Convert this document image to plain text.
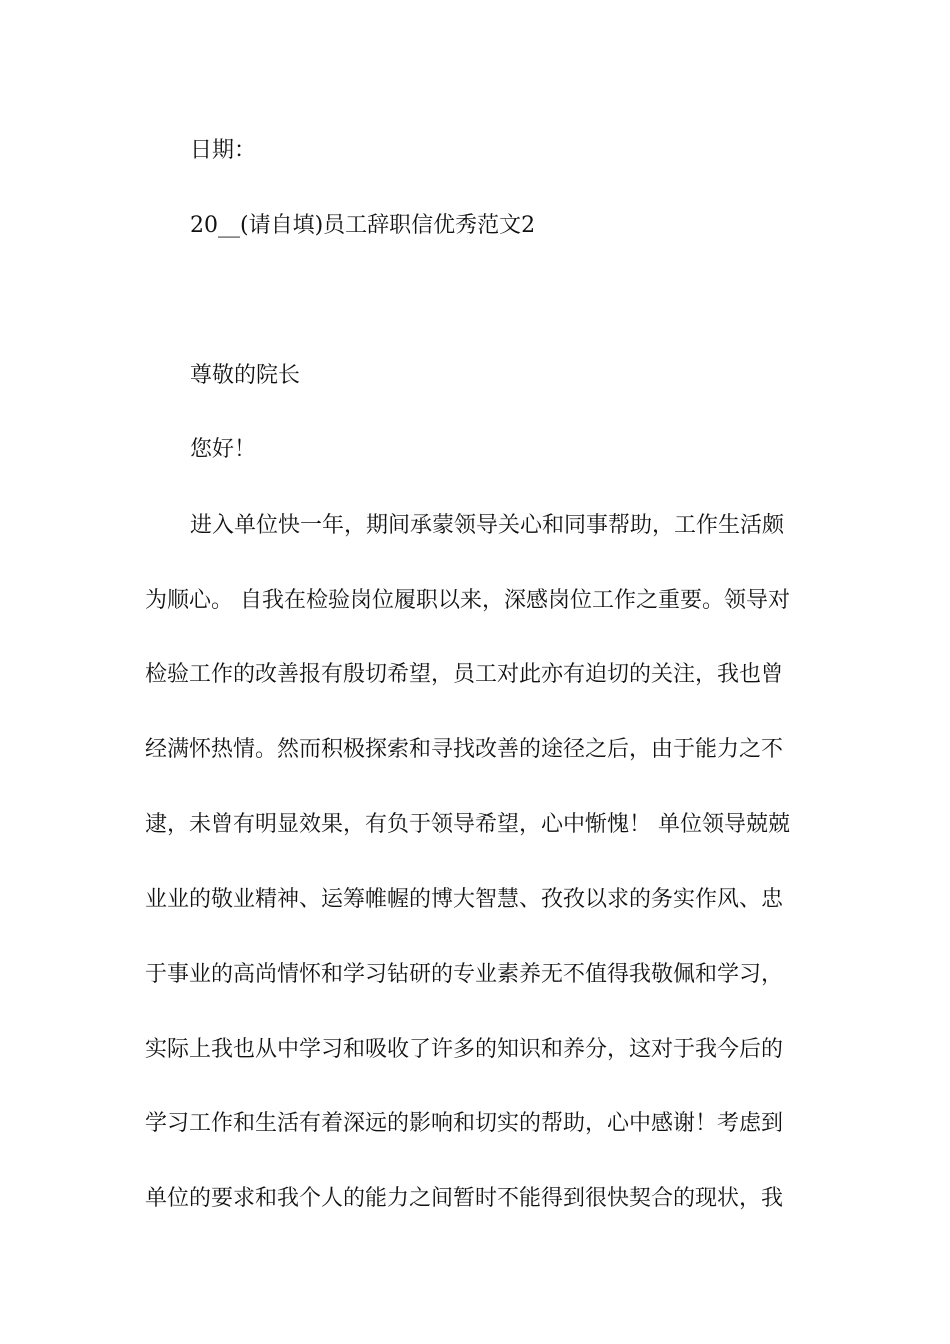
日期：
20__(请自填)员工辞职信优秀范文2
尊敬的院长
您好！
进入单位快一年，期间承蒙领导关心和同事帮助，工作生活颇
为顺心。 自我在检验岗位履职以来，深感岗位工作之重要。领导对
检验工作的改善报有殷切希望，员工对此亦有迫切的关注，我也曾
经满怀热情。然而积极探索和寻找改善的途径之后，由于能力之不
逮，未曾有明显效果，有负于领导希望，心中惭愧！ 单位领导兢兢
业业的敬业精神、运筹帷幄的博大智慧、孜孜以求的务实作风、忠
于事业的高尚情怀和学习钻研的专业素养无不值得我敬佩和学习，
实际上我也从中学习和吸收了许多的知识和养分，这对于我今后的
学习工作和生活有着深远的影响和切实的帮助，心中感谢！考虑到
单位的要求和我个人的能力之间暂时不能得到很快契合的现状，我
